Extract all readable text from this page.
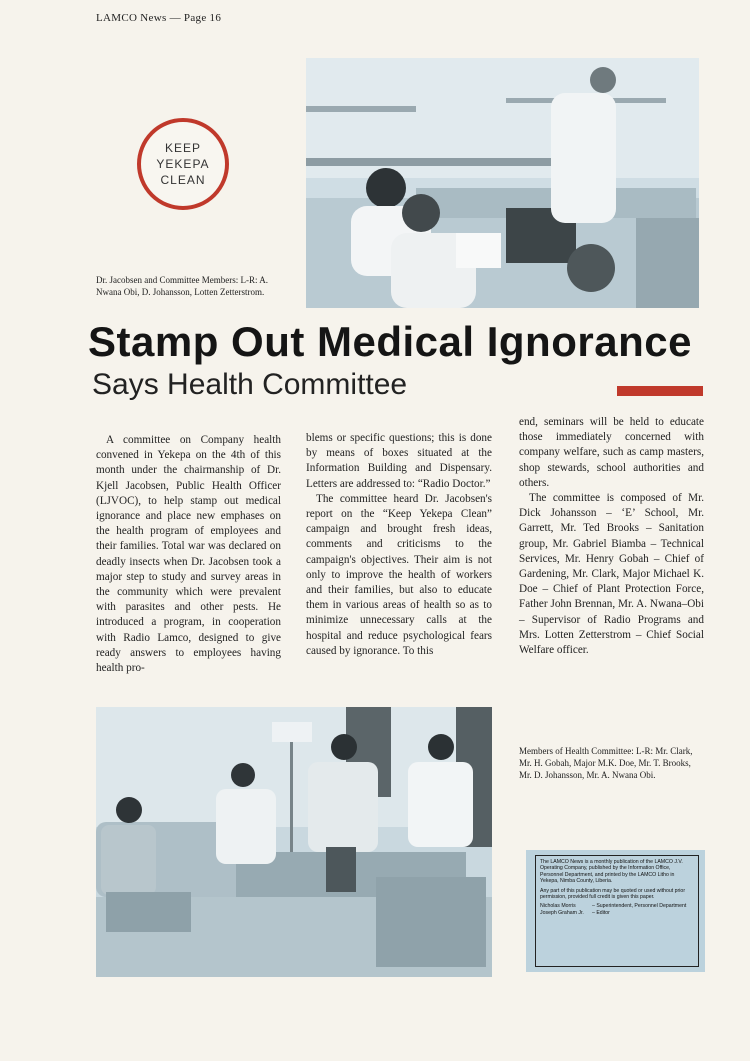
LAMCO News — Page 16
KEEP
YEKEPA
CLEAN
Dr. Jacobsen and Committee Members: L-R: A. Nwana Obi, D. Johansson, Lotten Zetterstrom.
Stamp Out Medical Ignorance
Says Health Committee

A committee on Company health convened in Yekepa on the 4th of this month under the chairmanship of Dr. Kjell Jacobsen, Public Health Officer (LJVOC), to help stamp out medical ignorance and place new emphases on the health program of employees and their families. Total war was declared on deadly insects when Dr. Jacobsen took a major step to study and survey areas in the community which were prevalent with parasites and other pests. He introduced a program, in cooperation with Radio Lamco, designed to give ready answers to employees having health pro-

blems or specific questions; this is done by means of boxes situated at the Information Building and Dispensary. Letters are addressed to: “Radio Doctor.”

The committee heard Dr. Jacobsen's report on the “Keep Yekepa Clean” campaign and brought fresh ideas, comments and criticisms to the campaign's objectives. Their aim is not only to improve the health of workers and their families, but also to educate them in various areas of health so as to minimize unnecessary calls at the hospital and reduce psychological fears caused by ignorance. To this

end, seminars will be held to educate those immediately concerned with company welfare, such as camp masters, shop stewards, school authorities and others.

The committee is composed of Mr. Dick Johansson – ‘E’ School, Mr. Garrett, Mr. Ted Brooks – Sanitation group, Mr. Gabriel Biamba – Technical Services, Mr. Henry Gobah – Chief of Gardening, Mr. Clark, Major Michael K. Doe – Chief of Plant Protection Force, Father John Brennan, Mr. A. Nwana–Obi – Supervisor of Radio Programs and Mrs. Lotten Zetterstrom – Chief Social Welfare officer.

Members of Health Committee: L-R: Mr. Clark, Mr. H. Gobah, Major M.K. Doe, Mr. T. Brooks, Mr. D. Johansson, Mr. A. Nwana Obi.

The LAMCO News is a monthly publication of the LAMCO J.V. Operating Company, published by the Information Office, Personnel Department, and printed by the LAMCO Litho in Yekepa, Nimba County, Liberia.

Any part of this publication may be quoted or used without prior permission, provided full credit is given this paper.

Nicholas Morris	– Superintendent, Personnel Department
Joseph Graham Jr.	– Editor
